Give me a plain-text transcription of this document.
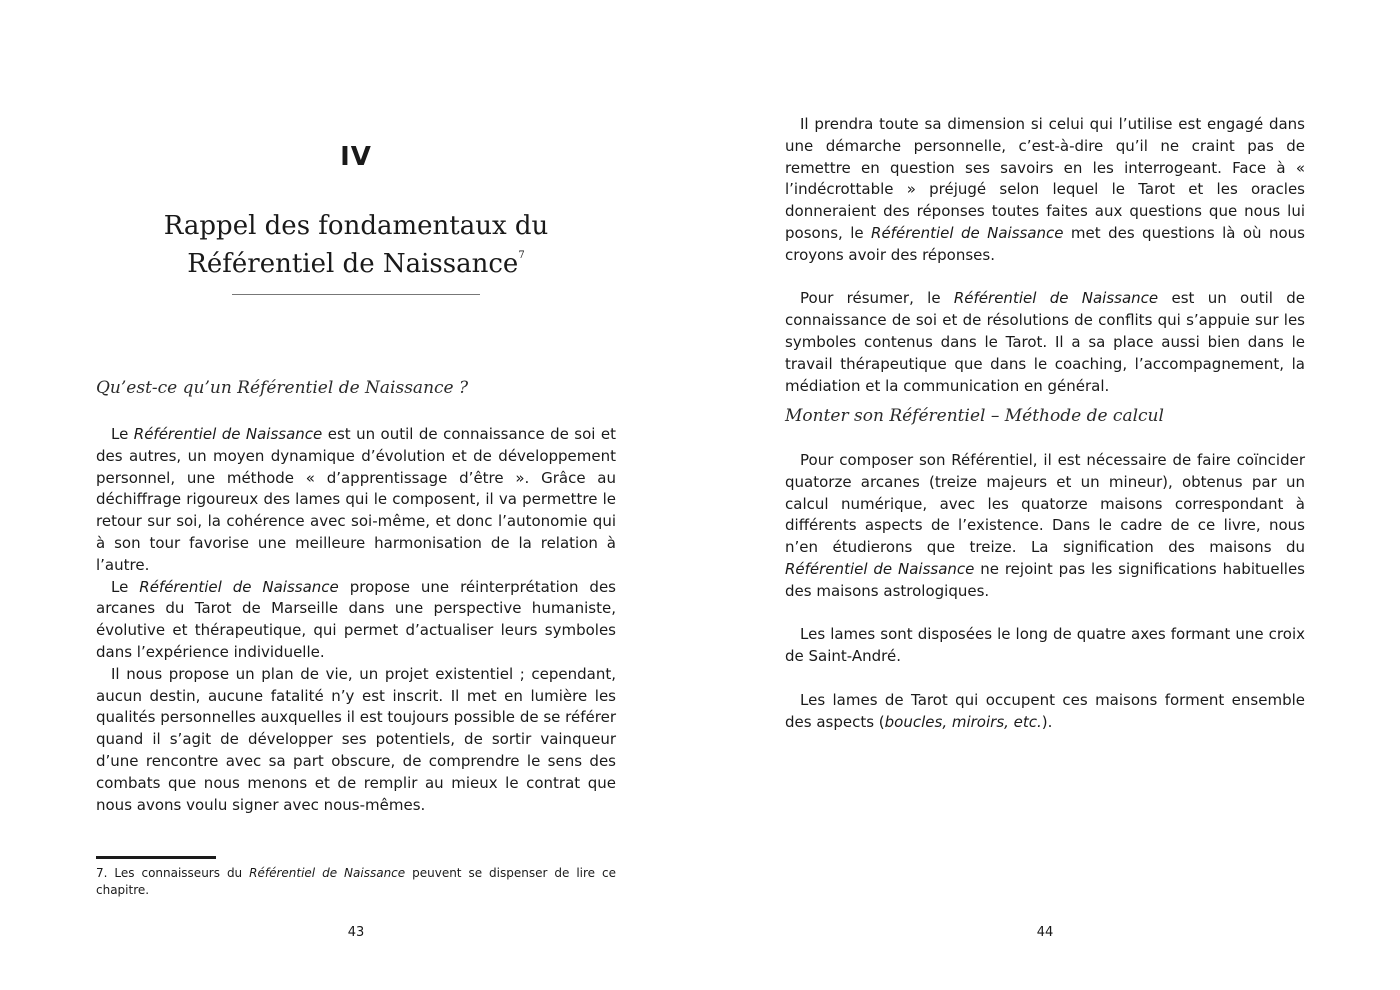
IV
Rappel des fondamentaux du
Référentiel de Naissance$^7$
Qu’est-ce qu’un Référentiel de Naissance ?

Le Référentiel de Naissance est un outil de connaissance de soi et des autres, un moyen dynamique d’évolution et de développement personnel, une méthode « d’apprentissage d’être ». Grâce au déchiffrage rigoureux des lames qui le composent, il va permettre le retour sur soi, la cohérence avec soi-même, et donc l’autonomie qui à son tour favorise une meilleure harmonisation de la relation à l’autre.

Le Référentiel de Naissance propose une réinterprétation des arcanes du Tarot de Marseille dans une perspective humaniste, évolutive et thérapeutique, qui permet d’actualiser leurs symboles dans l’expérience individuelle.

Il nous propose un plan de vie, un projet existentiel ; cependant, aucun destin, aucune fatalité n’y est inscrit. Il met en lumière les qualités personnelles auxquelles il est toujours possible de se référer quand il s’agit de développer ses potentiels, de sortir vainqueur d’une rencontre avec sa part obscure, de comprendre le sens des combats que nous menons et de remplir au mieux le contrat que nous avons voulu signer avec nous-mêmes.

7. Les connaisseurs du Référentiel de Naissance peuvent se dispenser de lire ce chapitre.
43

Il prendra toute sa dimension si celui qui l’utilise est engagé dans une démarche personnelle, c’est-à-dire qu’il ne craint pas de remettre en question ses savoirs en les interrogeant. Face à « l’indécrottable » préjugé selon lequel le Tarot et les oracles donneraient des réponses toutes faites aux questions que nous lui posons, le Référentiel de Naissance met des questions là où nous croyons avoir des réponses.

Pour résumer, le Référentiel de Naissance est un outil de connaissance de soi et de résolutions de conflits qui s’appuie sur les symboles contenus dans le Tarot. Il a sa place aussi bien dans le travail thérapeutique que dans le coaching, l’accompagnement, la médiation et la communication en général.

Monter son Référentiel – Méthode de calcul

Pour composer son Référentiel, il est nécessaire de faire coïncider quatorze arcanes (treize majeurs et un mineur), obtenus par un calcul numérique, avec les quatorze maisons correspondant à différents aspects de l’existence. Dans le cadre de ce livre, nous n’en étudierons que treize. La signification des maisons du Référentiel de Naissance ne rejoint pas les significations habituelles des maisons astrologiques.

Les lames sont disposées le long de quatre axes formant une croix de Saint-André.

Les lames de Tarot qui occupent ces maisons forment ensemble des aspects (boucles, miroirs, etc.).

44
